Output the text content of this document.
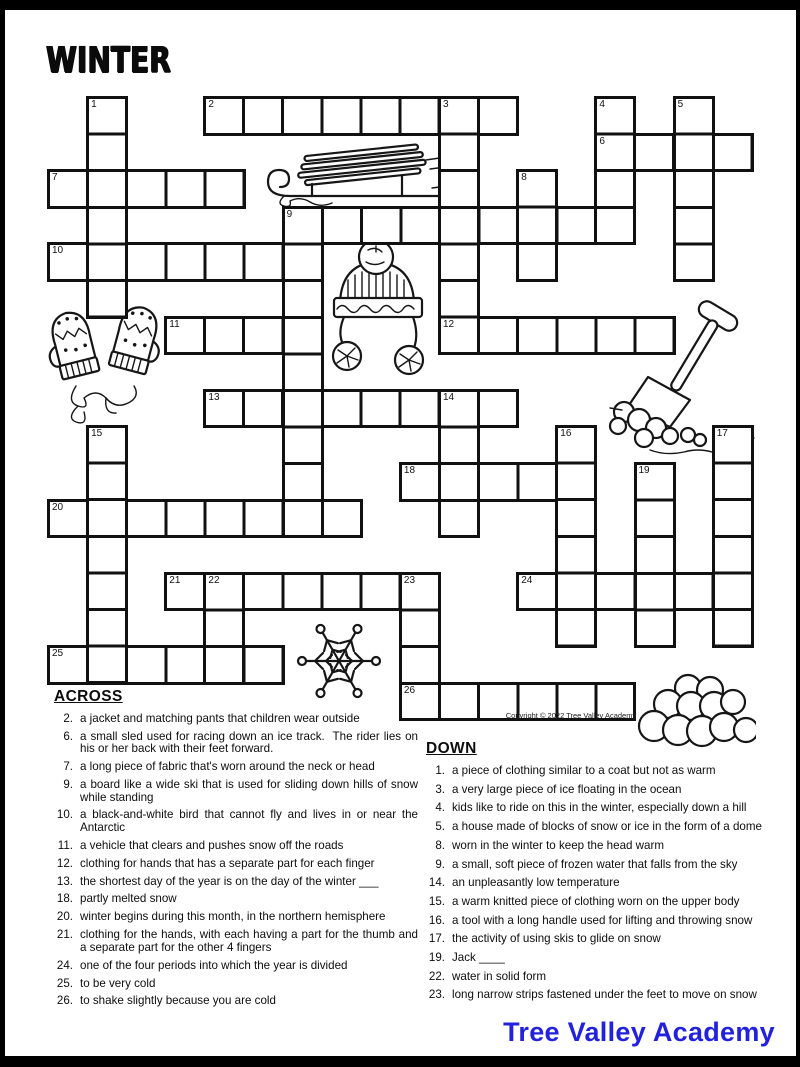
WINTER
2
6
7
9
10
11	12
13
18
20
21	24
25
26
1	3	4	5
8
14
15	16	17
19
22	23
Copyright © 2022 Tree Valley Academy
ACROSS
2. a jacket and matching pants that children wear outside
6. a small sled used for racing down an ice track.  The rider lies on his or her back with their feet forward.
7. a long piece of fabric that's worn around the neck or head
9. a board like a wide ski that is used for sliding down hills of snow while standing
10. a black-and-white bird that cannot fly and lives in or near the Antarctic
11. a vehicle that clears and pushes snow off the roads
12. clothing for hands that has a separate part for each finger
13. the shortest day of the year is on the day of the winter ___
18. partly melted snow
20. winter begins during this month, in the northern hemisphere
21. clothing for the hands, with each having a part for the thumb and a separate part for the other 4 fingers
24. one of the four periods into which the year is divided
25. to be very cold
26. to shake slightly because you are cold
DOWN
1. a piece of clothing similar to a coat but not as warm
3. a very large piece of ice floating in the ocean
4. kids like to ride on this in the winter, especially down a hill
5. a house made of blocks of snow or ice in the form of a dome
8. worn in the winter to keep the head warm
9. a small, soft piece of frozen water that falls from the sky
14. an unpleasantly low temperature
15. a warm knitted piece of clothing worn on the upper body
16. a tool with a long handle used for lifting and throwing snow
17. the activity of using skis to glide on snow
19. Jack ____
22. water in solid form
23. long narrow strips fastened under the feet to move on snow
Tree Valley Academy
